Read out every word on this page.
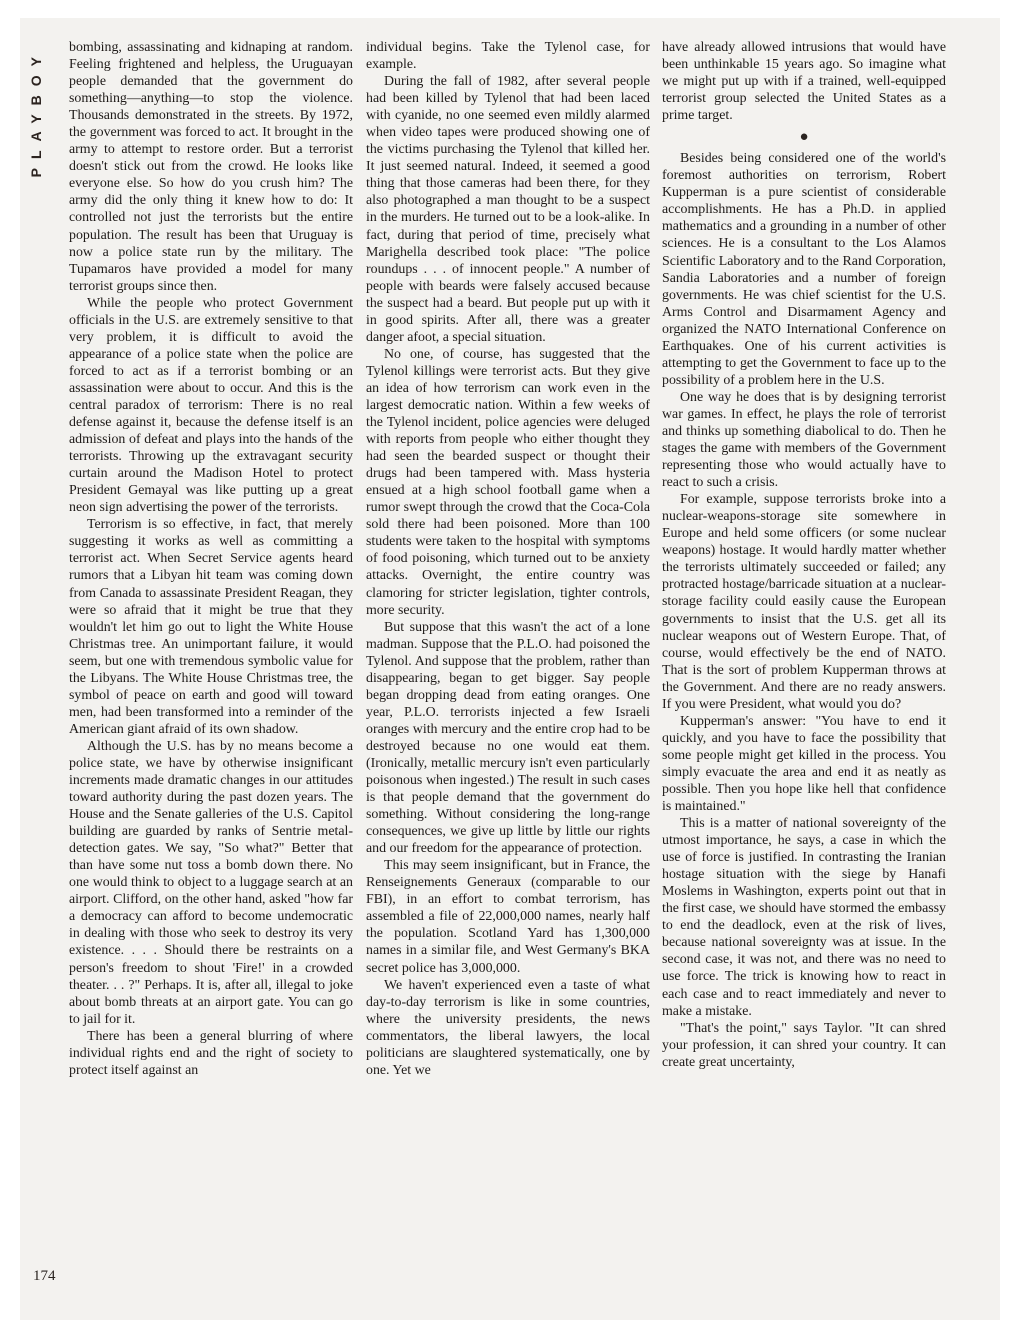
PLAYBOY
174

bombing, assassinating and kidnaping at random. Feeling frightened and helpless, the Uruguayan people demanded that the government do something—anything—to stop the violence. Thousands demonstrated in the streets. By 1972, the government was forced to act. It brought in the army to attempt to restore order. But a terrorist doesn't stick out from the crowd. He looks like everyone else. So how do you crush him? The army did the only thing it knew how to do: It controlled not just the terrorists but the entire population. The result has been that Uruguay is now a police state run by the military. The Tupamaros have provided a model for many terrorist groups since then.

While the people who protect Government officials in the U.S. are extremely sensitive to that very problem, it is difficult to avoid the appearance of a police state when the police are forced to act as if a terrorist bombing or an assassination were about to occur. And this is the central paradox of terrorism: There is no real defense against it, because the defense itself is an admission of defeat and plays into the hands of the terrorists. Throwing up the extravagant security curtain around the Madison Hotel to protect President Gemayal was like putting up a great neon sign advertising the power of the terrorists.

Terrorism is so effective, in fact, that merely suggesting it works as well as committing a terrorist act. When Secret Service agents heard rumors that a Libyan hit team was coming down from Canada to assassinate President Reagan, they were so afraid that it might be true that they wouldn't let him go out to light the White House Christmas tree. An unimportant failure, it would seem, but one with tremendous symbolic value for the Libyans. The White House Christmas tree, the symbol of peace on earth and good will toward men, had been transformed into a reminder of the American giant afraid of its own shadow.

Although the U.S. has by no means become a police state, we have by otherwise insignificant increments made dramatic changes in our attitudes toward authority during the past dozen years. The House and the Senate galleries of the U.S. Capitol building are guarded by ranks of Sentrie metal-detection gates. We say, "So what?" Better that than have some nut toss a bomb down there. No one would think to object to a luggage search at an airport. Clifford, on the other hand, asked "how far a democracy can afford to become undemocratic in dealing with those who seek to destroy its very existence. . . . Should there be restraints on a person's freedom to shout 'Fire!' in a crowded theater. . . ?" Perhaps. It is, after all, illegal to joke about bomb threats at an airport gate. You can go to jail for it.

There has been a general blurring of where individual rights end and the right of society to protect itself against an

individual begins. Take the Tylenol case, for example.

During the fall of 1982, after several people had been killed by Tylenol that had been laced with cyanide, no one seemed even mildly alarmed when video tapes were produced showing one of the victims purchasing the Tylenol that killed her. It just seemed natural. Indeed, it seemed a good thing that those cameras had been there, for they also photographed a man thought to be a suspect in the murders. He turned out to be a look-alike. In fact, during that period of time, precisely what Marighella described took place: "The police roundups . . . of innocent people." A number of people with beards were falsely accused because the suspect had a beard. But people put up with it in good spirits. After all, there was a greater danger afoot, a special situation.

No one, of course, has suggested that the Tylenol killings were terrorist acts. But they give an idea of how terrorism can work even in the largest democratic nation. Within a few weeks of the Tylenol incident, police agencies were deluged with reports from people who either thought they had seen the bearded suspect or thought their drugs had been tampered with. Mass hysteria ensued at a high school football game when a rumor swept through the crowd that the Coca-Cola sold there had been poisoned. More than 100 students were taken to the hospital with symptoms of food poisoning, which turned out to be anxiety attacks. Overnight, the entire country was clamoring for stricter legislation, tighter controls, more security.

But suppose that this wasn't the act of a lone madman. Suppose that the P.L.O. had poisoned the Tylenol. And suppose that the problem, rather than disappearing, began to get bigger. Say people began dropping dead from eating oranges. One year, P.L.O. terrorists injected a few Israeli oranges with mercury and the entire crop had to be destroyed because no one would eat them. (Ironically, metallic mercury isn't even particularly poisonous when ingested.) The result in such cases is that people demand that the government do something. Without considering the long-range consequences, we give up little by little our rights and our freedom for the appearance of protection.

This may seem insignificant, but in France, the Renseignements Generaux (comparable to our FBI), in an effort to combat terrorism, has assembled a file of 22,000,000 names, nearly half the population. Scotland Yard has 1,300,000 names in a similar file, and West Germany's BKA secret police has 3,000,000.

We haven't experienced even a taste of what day-to-day terrorism is like in some countries, where the university presidents, the news commentators, the liberal lawyers, the local politicians are slaughtered systematically, one by one. Yet we

have already allowed intrusions that would have been unthinkable 15 years ago. So imagine what we might put up with if a trained, well-equipped terrorist group selected the United States as a prime target.

●

Besides being considered one of the world's foremost authorities on terrorism, Robert Kupperman is a pure scientist of considerable accomplishments. He has a Ph.D. in applied mathematics and a grounding in a number of other sciences. He is a consultant to the Los Alamos Scientific Laboratory and to the Rand Corporation, Sandia Laboratories and a number of foreign governments. He was chief scientist for the U.S. Arms Control and Disarmament Agency and organized the NATO International Conference on Earthquakes. One of his current activities is attempting to get the Government to face up to the possibility of a problem here in the U.S.

One way he does that is by designing terrorist war games. In effect, he plays the role of terrorist and thinks up something diabolical to do. Then he stages the game with members of the Government representing those who would actually have to react to such a crisis.

For example, suppose terrorists broke into a nuclear-weapons-storage site somewhere in Europe and held some officers (or some nuclear weapons) hostage. It would hardly matter whether the terrorists ultimately succeeded or failed; any protracted hostage/barricade situation at a nuclear-storage facility could easily cause the European governments to insist that the U.S. get all its nuclear weapons out of Western Europe. That, of course, would effectively be the end of NATO. That is the sort of problem Kupperman throws at the Government. And there are no ready answers. If you were President, what would you do?

Kupperman's answer: "You have to end it quickly, and you have to face the possibility that some people might get killed in the process. You simply evacuate the area and end it as neatly as possible. Then you hope like hell that confidence is maintained."

This is a matter of national sovereignty of the utmost importance, he says, a case in which the use of force is justified. In contrasting the Iranian hostage situation with the siege by Hanafi Moslems in Washington, experts point out that in the first case, we should have stormed the embassy to end the deadlock, even at the risk of lives, because national sovereignty was at issue. In the second case, it was not, and there was no need to use force. The trick is knowing how to react in each case and to react immediately and never to make a mistake.

"That's the point," says Taylor. "It can shred your profession, it can shred your country. It can create great uncertainty,
